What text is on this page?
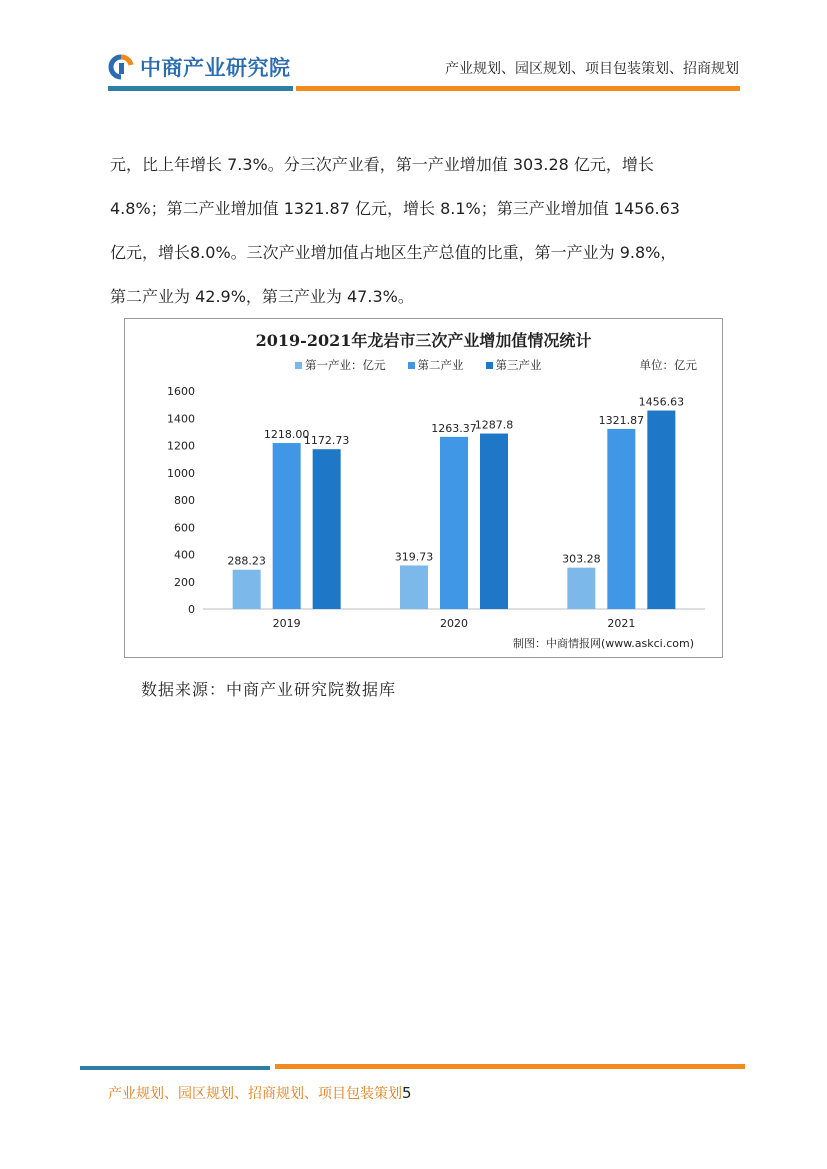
中商产业研究院	产业规划、园区规划、项目包装策划、招商规划

元，比上年增长 7.3%。分三次产业看，第一产业增加值 303.28 亿元，增长

4.8%；第二产业增加值 1321.87 亿元，增长 8.1%；第三产业增加值 1456.63

亿元，增长8.0%。三次产业增加值占地区生产总值的比重，第一产业为 9.8%，

第二产业为 42.9%，第三产业为 47.3%。

0
200
400
600
800
1000
1200
1400
1600
288.23
1218.00
1172.73
2019
319.73
1263.37
1287.8
2020
303.28
1321.87
1456.63
2021
2019-2021年龙岩市三次产业增加值情况统计
第一产业：亿元	第二产业	第三产业	单位：亿元
制图：中商情报网(www.askci.com)
数据来源：中商产业研究院数据库
产业规划、园区规划、招商规划、项目包装策划5
